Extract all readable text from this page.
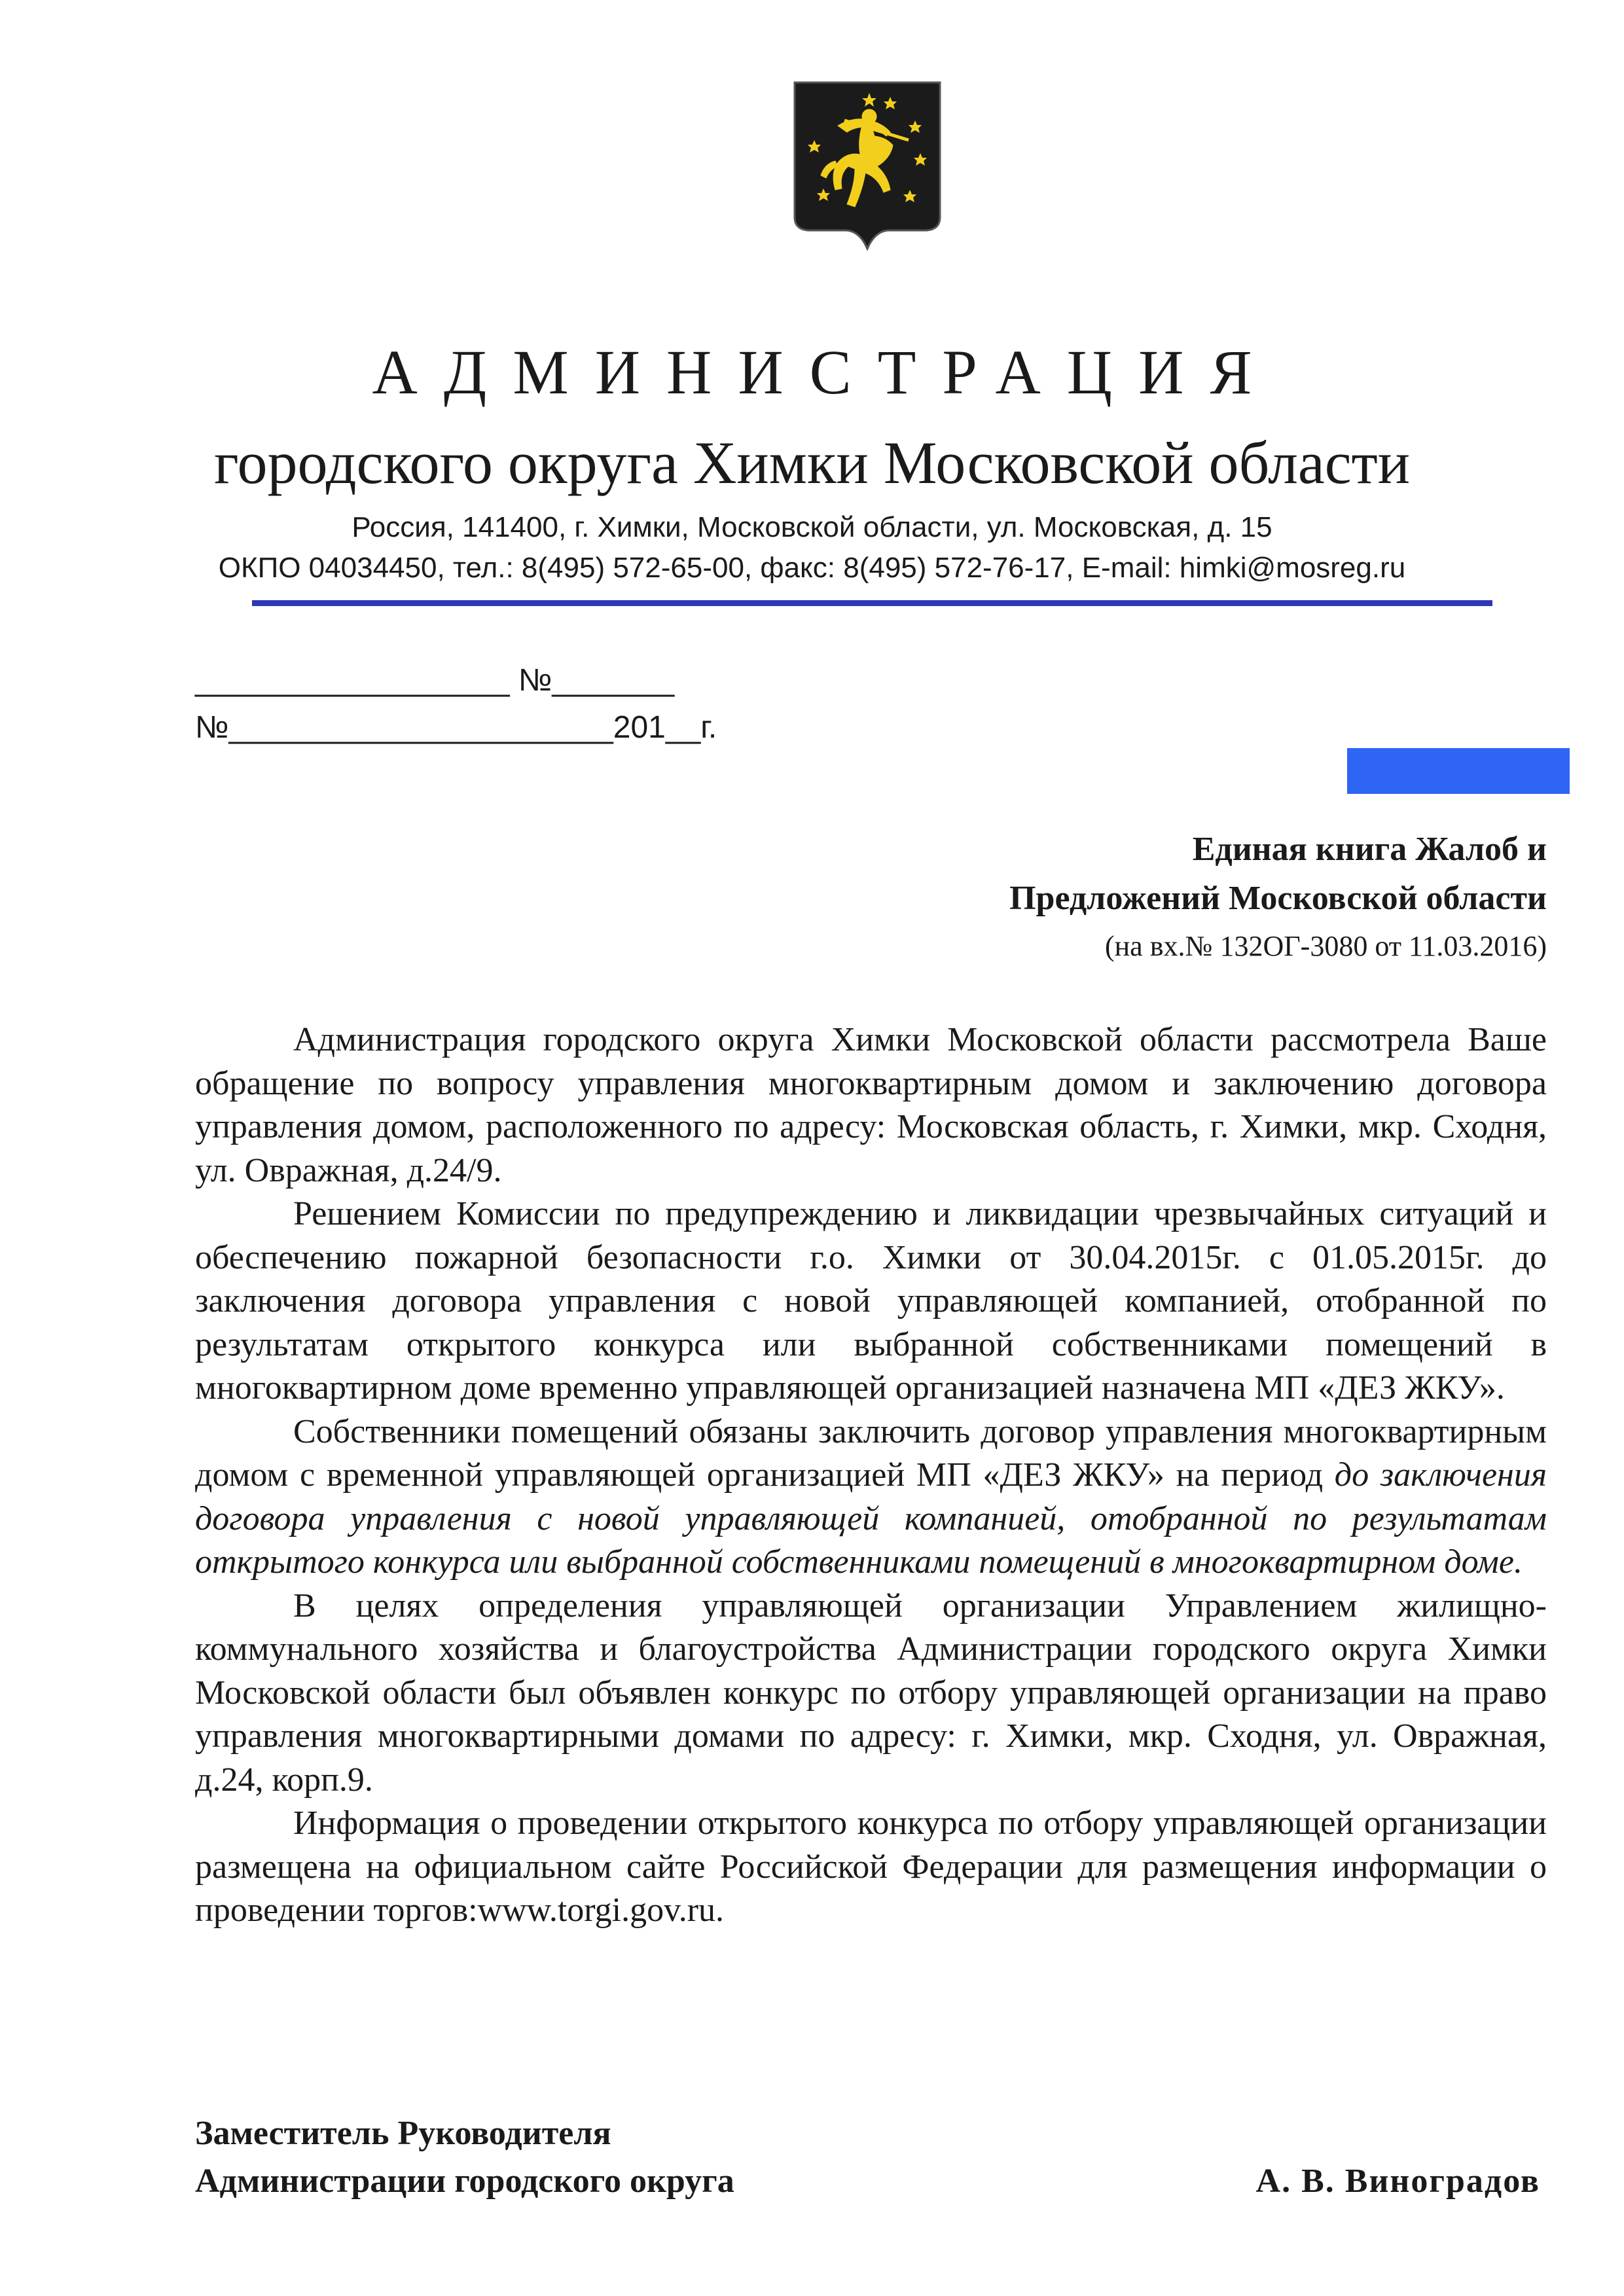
АДМИНИСТРАЦИЯ
городского округа Химки Московской области
Россия, 141400, г. Химки, Московской области, ул. Московская, д. 15
ОКПО 04034450, тел.: 8(495) 572-65-00, факс: 8(495) 572-76-17, E-mail: himki@mosreg.ru
__________________ №_______
№______________________201__г.
Единая книга Жалоб и
Предложений Московской области
(на вх.№ 132ОГ-3080 от 11.03.2016)

Администрация городского округа Химки Московской области рассмотрела Ваше обращение по вопросу управления многоквартирным домом и заключению договора управления домом, расположенного по адресу: Московская область, г. Химки, мкр. Сходня, ул. Овражная, д.24/9.

Решением Комиссии по предупреждению и ликвидации чрезвычайных ситуаций и обеспечению пожарной безопасности г.о. Химки от 30.04.2015г. с 01.05.2015г. до заключения договора управления с новой управляющей компанией, отобранной по результатам открытого конкурса или выбранной собственниками помещений в многоквартирном доме временно управляющей организацией назначена МП «ДЕЗ ЖКУ».

Собственники помещений обязаны заключить договор управления многоквартирным домом с временной управляющей организацией МП «ДЕЗ ЖКУ» на период до заключения договора управления с новой управляющей компанией, отобранной по результатам открытого конкурса или выбранной собственниками помещений в многоквартирном доме.

В целях определения управляющей организации Управлением жилищно-коммунального хозяйства и благоустройства Администрации городского округа Химки Московской области был объявлен конкурс по отбору управляющей организации на право управления многоквартирными домами по адресу: г. Химки, мкр. Сходня, ул. Овражная, д.24, корп.9.

Информация о проведении открытого конкурса по отбору управляющей организации размещена на официальном сайте Российской Федерации для размещения информации о проведении торгов:www.torgi.gov.ru.

Заместитель Руководителя
Администрации городского округа	А. В. Виноградов
